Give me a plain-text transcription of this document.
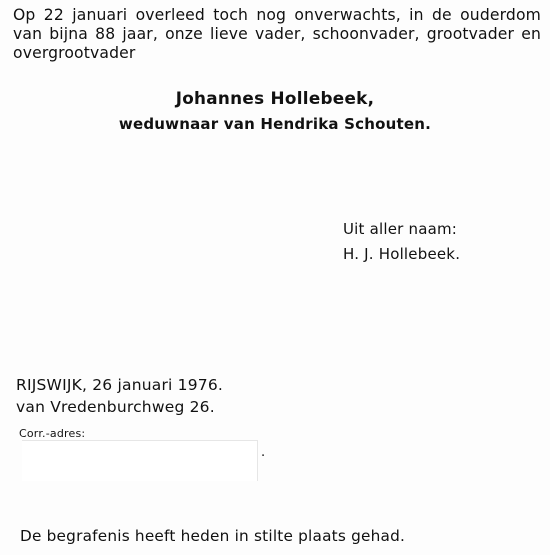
Op 22 januari overleed toch nog onverwachts, in de ouderdom van bijna 88 jaar, onze lieve vader, schoonvader, grootvader en overgrootvader
Johannes Hollebeek,
weduwnaar van Hendrika Schouten.
Uit aller naam:
H. J. Hollebeek.
RIJSWIJK, 26 januari 1976.
van Vredenburchweg 26.
Corr.-adres:
.
De begrafenis heeft heden in stilte plaats gehad.
